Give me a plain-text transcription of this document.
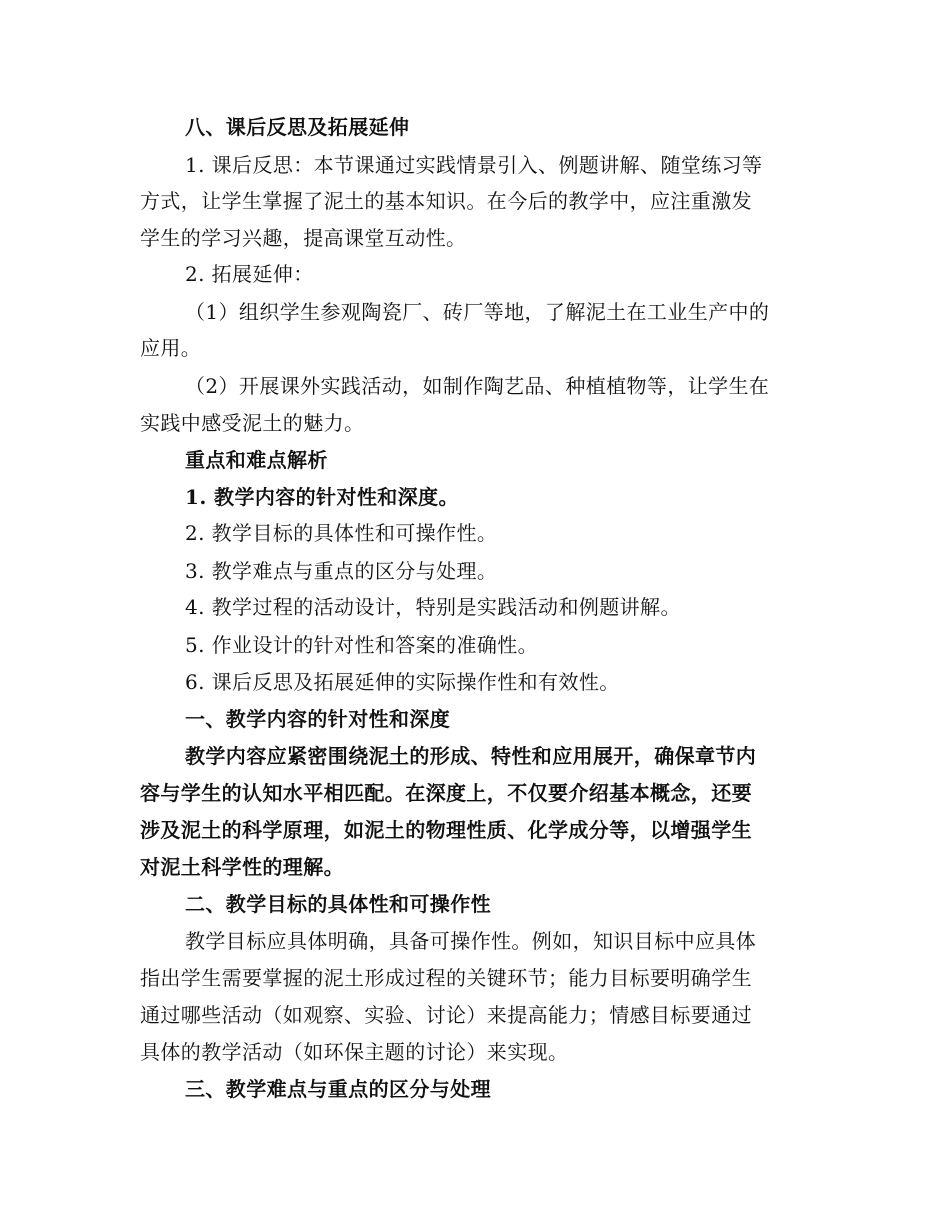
八、课后反思及拓展延伸
1. 课后反思：本节课通过实践情景引入、例题讲解、随堂练习等
方式，让学生掌握了泥土的基本知识。在今后的教学中，应注重激发
学生的学习兴趣，提高课堂互动性。
2. 拓展延伸：
（1）组织学生参观陶瓷厂、砖厂等地，了解泥土在工业生产中的
应用。
（2）开展课外实践活动，如制作陶艺品、种植植物等，让学生在
实践中感受泥土的魅力。
重点和难点解析
1. 教学内容的针对性和深度。
2. 教学目标的具体性和可操作性。
3. 教学难点与重点的区分与处理。
4. 教学过程的活动设计，特别是实践活动和例题讲解。
5. 作业设计的针对性和答案的准确性。
6. 课后反思及拓展延伸的实际操作性和有效性。
一、教学内容的针对性和深度
教学内容应紧密围绕泥土的形成、特性和应用展开，确保章节内
容与学生的认知水平相匹配。在深度上，不仅要介绍基本概念，还要
涉及泥土的科学原理，如泥土的物理性质、化学成分等，以增强学生
对泥土科学性的理解。
二、教学目标的具体性和可操作性
教学目标应具体明确，具备可操作性。例如，知识目标中应具体
指出学生需要掌握的泥土形成过程的关键环节；能力目标要明确学生
通过哪些活动（如观察、实验、讨论）来提高能力；情感目标要通过
具体的教学活动（如环保主题的讨论）来实现。
三、教学难点与重点的区分与处理
